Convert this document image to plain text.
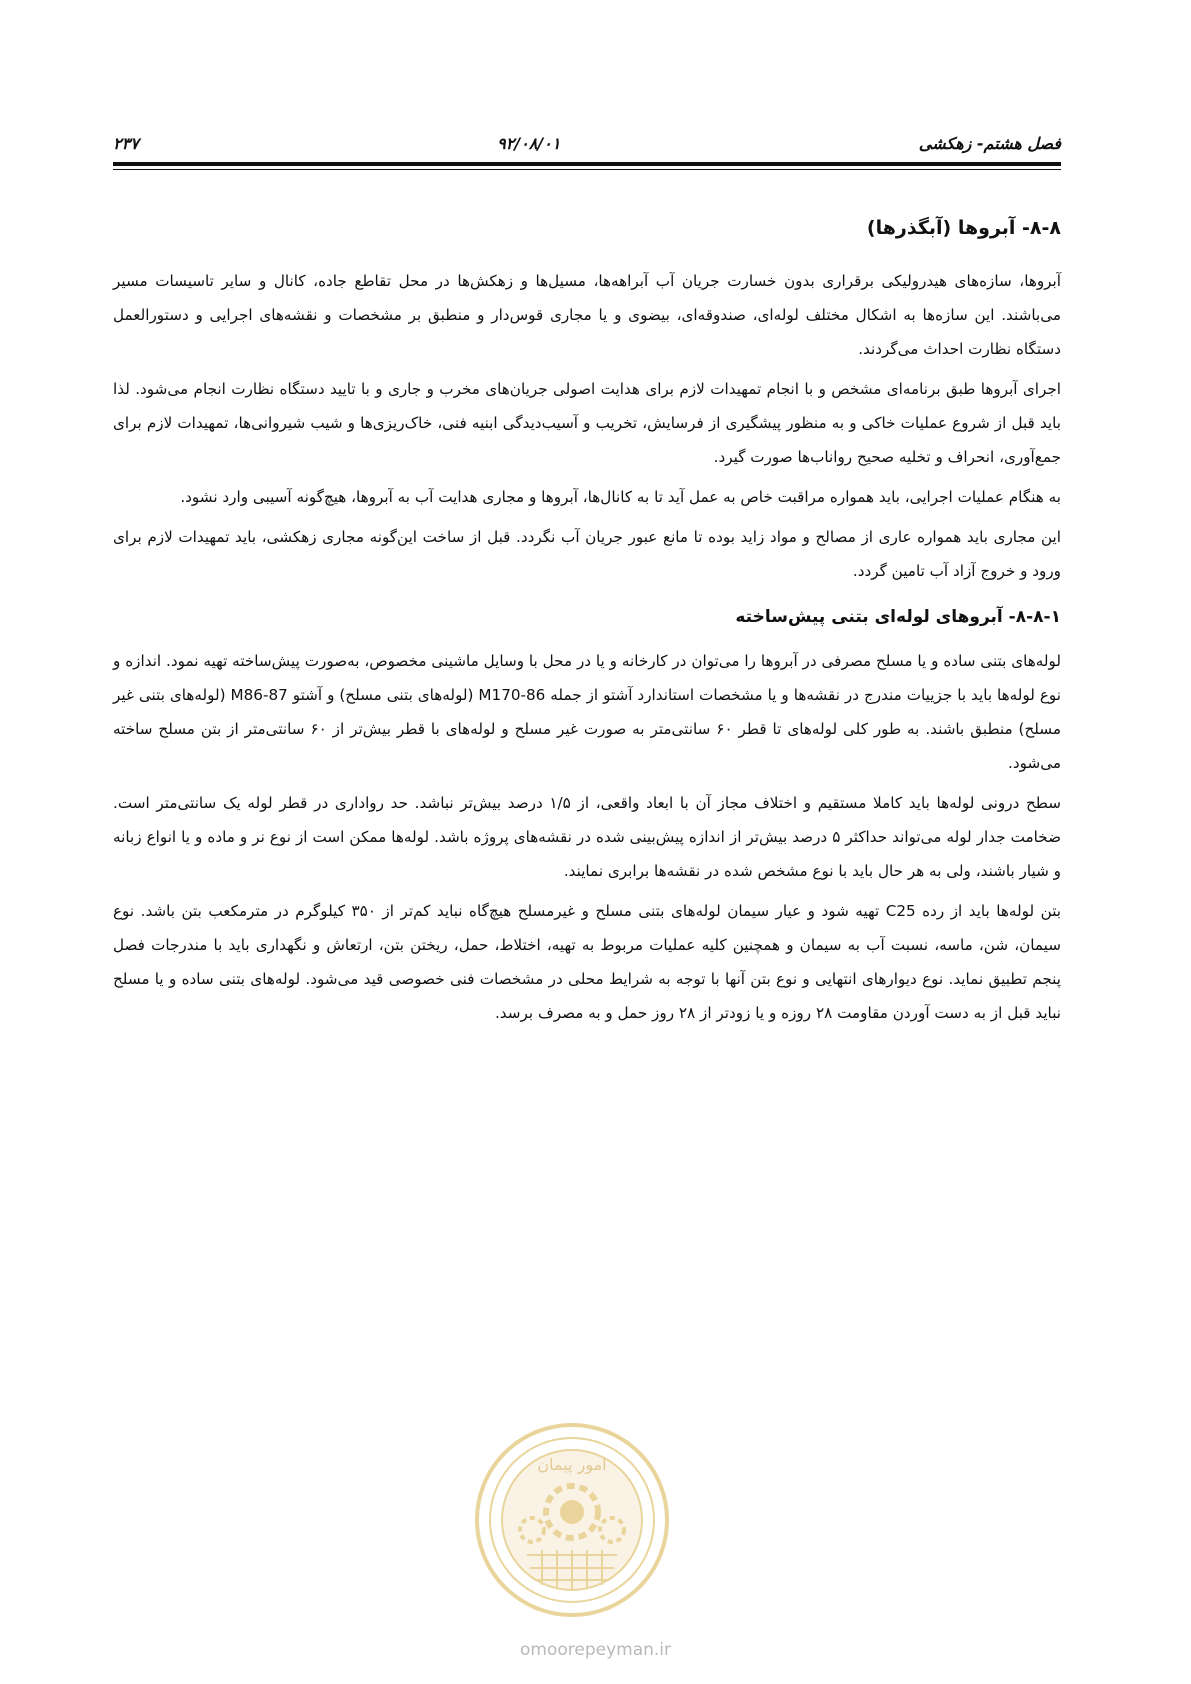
۲۳۷	۹۲/۰۸/۰۱	فصل هشتم- زهکشی
۸-۸- آبروها (آبگذرها)

آبروها، سازه‌های هیدرولیکی برقراری بدون خسارت جریان آب آبراهه‌ها، مسیل‌ها و زهکش‌ها در محل تقاطع جاده، کانال و سایر تاسیسات مسیر می‌باشند. این سازه‌ها به اشکال مختلف لوله‌ای، صندوقه‌ای، بیضوی و یا مجاری قوس‌دار و منطبق بر مشخصات و نقشه‌های اجرایی و دستورالعمل دستگاه نظارت احداث می‌گردند.

اجرای آبروها طبق برنامه‌ای مشخص و با انجام تمهیدات لازم برای هدایت اصولی جریان‌های مخرب و جاری و با تایید دستگاه نظارت انجام می‌شود. لذا باید قبل از شروع عملیات خاکی و به منظور پیشگیری از فرسایش، تخریب و آسیب‌دیدگی ابنیه فنی، خاک‌ریزی‌ها و شیب شیروانی‌ها، تمهیدات لازم برای جمع‌آوری، انحراف و تخلیه صحیح رواناب‌ها صورت گیرد.

به هنگام عملیات اجرایی، باید همواره مراقبت خاص به عمل آید تا به کانال‌ها، آبروها و مجاری هدایت آب به آبروها، هیچ‌گونه آسیبی وارد نشود.

این مجاری باید همواره عاری از مصالح و مواد زاید بوده تا مانع عبور جریان آب نگردد. قبل از ساخت این‌گونه مجاری زهکشی، باید تمهیدات لازم برای ورود و خروج آزاد آب تامین گردد.

۸-۸-۱- آبروهای لوله‌ای بتنی پیش‌ساخته

لوله‌های بتنی ساده و یا مسلح مصرفی در آبروها را می‌توان در کارخانه و یا در محل با وسایل ماشینی مخصوص، به‌صورت پیش‌ساخته تهیه نمود. اندازه و نوع لوله‌ها باید با جزییات مندرج در نقشه‌ها و یا مشخصات استاندارد آشتو از جمله M170-86 (لوله‌های بتنی مسلح) و آشتو M86-87 (لوله‌های بتنی غیر مسلح) منطبق باشند. به طور کلی لوله‌های تا قطر ۶۰ سانتی‌متر به صورت غیر مسلح و لوله‌های با قطر بیش‌تر از ۶۰ سانتی‌متر از بتن مسلح ساخته می‌شود.

سطح درونی لوله‌ها باید کاملا مستقیم و اختلاف مجاز آن با ابعاد واقعی، از ۱/۵ درصد بیش‌تر نباشد. حد رواداری در قطر لوله یک سانتی‌متر است. ضخامت جدار لوله می‌تواند حداکثر ۵ درصد بیش‌تر از اندازه پیش‌بینی شده در نقشه‌های پروژه باشد. لوله‌ها ممکن است از نوع نر و ماده و یا انواع زبانه و شیار باشند، ولی به هر حال باید با نوع مشخص شده در نقشه‌ها برابری نمایند.

بتن لوله‌ها باید از رده C25 تهیه شود و عیار سیمان لوله‌های بتنی مسلح و غیرمسلح هیچ‌گاه نباید کم‌تر از ۳۵۰ کیلوگرم در مترمکعب بتن باشد. نوع سیمان، شن، ماسه، نسبت آب به سیمان و همچنین کلیه عملیات مربوط به تهیه، اختلاط، حمل، ریختن بتن، ارتعاش و نگهداری باید با مندرجات فصل پنجم تطبیق نماید. نوع دیوارهای انتهایی و نوع بتن آنها با توجه به شرایط محلی در مشخصات فنی خصوصی قید می‌شود. لوله‌های بتنی ساده و یا مسلح نباید قبل از به دست آوردن مقاومت ۲۸ روزه و یا زودتر از ۲۸ روز حمل و به مصرف برسد.

امور پیمان
omoorepeyman.ir
